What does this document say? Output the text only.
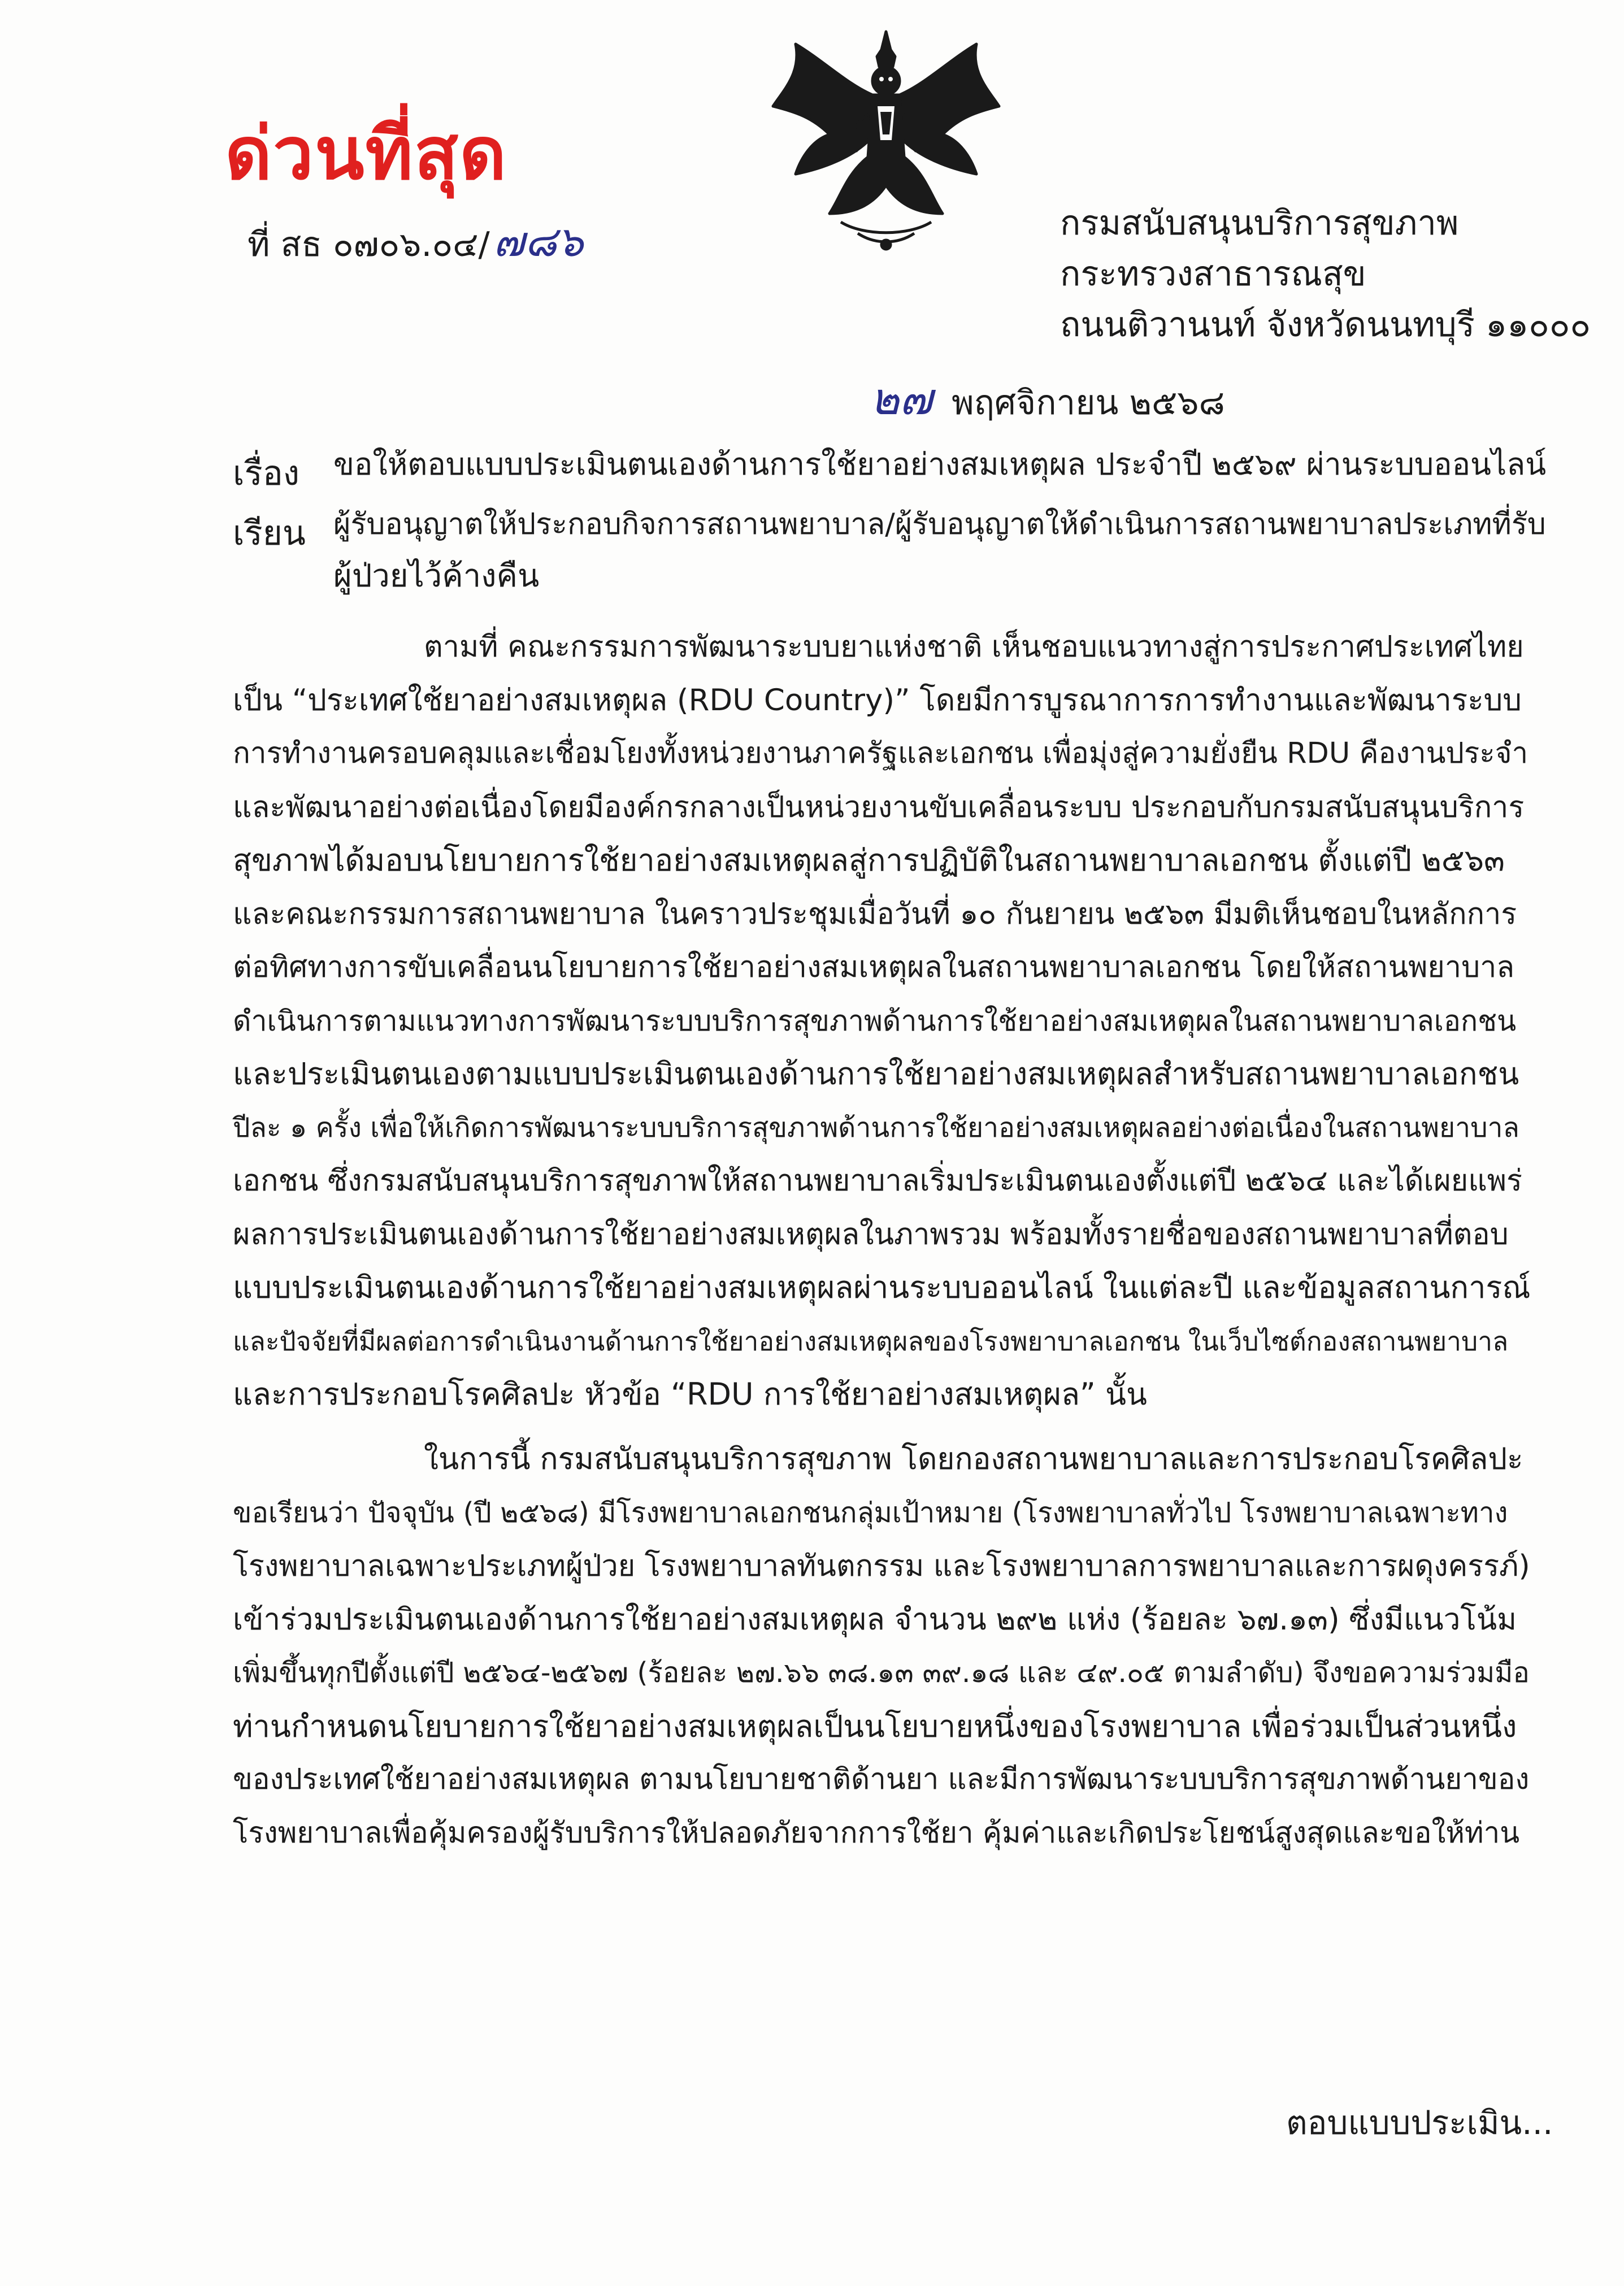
ด่วนที่สุด
ที่ สธ ๐๗๐๖.๐๔/๗๘๖	กรมสนับสนุนบริการสุขภาพ
กระทรวงสาธารณสุข
ถนนติวานนท์ จังหวัดนนทบุรี ๑๑๐๐๐
๒๗ พฤศจิกายน ๒๕๖๘
เรื่อง ขอให้ตอบแบบประเมินตนเองด้านการใช้ยาอย่างสมเหตุผล ประจำปี ๒๕๖๙ ผ่านระบบออนไลน์
เรียน ผู้รับอนุญาตให้ประกอบกิจการสถานพยาบาล/ผู้รับอนุญาตให้ดำเนินการสถานพยาบาลประเภทที่รับ
ผู้ป่วยไว้ค้างคืน
ตามที่ คณะกรรมการพัฒนาระบบยาแห่งชาติ เห็นชอบแนวทางสู่การประกาศประเทศไทย
เป็น “ประเทศใช้ยาอย่างสมเหตุผล (RDU Country)” โดยมีการบูรณาการการทำงานและพัฒนาระบบ
การทำงานครอบคลุมและเชื่อมโยงทั้งหน่วยงานภาครัฐและเอกชน เพื่อมุ่งสู่ความยั่งยืน RDU คืองานประจำ
และพัฒนาอย่างต่อเนื่องโดยมีองค์กรกลางเป็นหน่วยงานขับเคลื่อนระบบ ประกอบกับกรมสนับสนุนบริการ
สุขภาพได้มอบนโยบายการใช้ยาอย่างสมเหตุผลสู่การปฏิบัติในสถานพยาบาลเอกชน ตั้งแต่ปี ๒๕๖๓
และคณะกรรมการสถานพยาบาล ในคราวประชุมเมื่อวันที่ ๑๐ กันยายน ๒๕๖๓ มีมติเห็นชอบในหลักการ
ต่อทิศทางการขับเคลื่อนนโยบายการใช้ยาอย่างสมเหตุผลในสถานพยาบาลเอกชน โดยให้สถานพยาบาล
ดำเนินการตามแนวทางการพัฒนาระบบบริการสุขภาพด้านการใช้ยาอย่างสมเหตุผลในสถานพยาบาลเอกชน
และประเมินตนเองตามแบบประเมินตนเองด้านการใช้ยาอย่างสมเหตุผลสำหรับสถานพยาบาลเอกชน
ปีละ ๑ ครั้ง เพื่อให้เกิดการพัฒนาระบบบริการสุขภาพด้านการใช้ยาอย่างสมเหตุผลอย่างต่อเนื่องในสถานพยาบาล
เอกชน ซึ่งกรมสนับสนุนบริการสุขภาพให้สถานพยาบาลเริ่มประเมินตนเองตั้งแต่ปี ๒๕๖๔ และได้เผยแพร่
ผลการประเมินตนเองด้านการใช้ยาอย่างสมเหตุผลในภาพรวม พร้อมทั้งรายชื่อของสถานพยาบาลที่ตอบ
แบบประเมินตนเองด้านการใช้ยาอย่างสมเหตุผลผ่านระบบออนไลน์ ในแต่ละปี และข้อมูลสถานการณ์
และปัจจัยที่มีผลต่อการดำเนินงานด้านการใช้ยาอย่างสมเหตุผลของโรงพยาบาลเอกชน ในเว็บไซต์กองสถานพยาบาล
และการประกอบโรคศิลปะ หัวข้อ “RDU การใช้ยาอย่างสมเหตุผล” นั้น
ในการนี้ กรมสนับสนุนบริการสุขภาพ โดยกองสถานพยาบาลและการประกอบโรคศิลปะ
ขอเรียนว่า ปัจจุบัน (ปี ๒๕๖๘) มีโรงพยาบาลเอกชนกลุ่มเป้าหมาย (โรงพยาบาลทั่วไป โรงพยาบาลเฉพาะทาง
โรงพยาบาลเฉพาะประเภทผู้ป่วย โรงพยาบาลทันตกรรม และโรงพยาบาลการพยาบาลและการผดุงครรภ์)
เข้าร่วมประเมินตนเองด้านการใช้ยาอย่างสมเหตุผล จำนวน ๒๙๒ แห่ง (ร้อยละ ๖๗.๑๓) ซึ่งมีแนวโน้ม
เพิ่มขึ้นทุกปีตั้งแต่ปี ๒๕๖๔-๒๕๖๗ (ร้อยละ ๒๗.๖๖ ๓๘.๑๓ ๓๙.๑๘ และ ๔๙.๐๕ ตามลำดับ) จึงขอความร่วมมือ
ท่านกำหนดนโยบายการใช้ยาอย่างสมเหตุผลเป็นนโยบายหนึ่งของโรงพยาบาล เพื่อร่วมเป็นส่วนหนึ่ง
ของประเทศใช้ยาอย่างสมเหตุผล ตามนโยบายชาติด้านยา และมีการพัฒนาระบบบริการสุขภาพด้านยาของ
โรงพยาบาลเพื่อคุ้มครองผู้รับบริการให้ปลอดภัยจากการใช้ยา คุ้มค่าและเกิดประโยชน์สูงสุดและขอให้ท่าน
ตอบแบบประเมิน...
